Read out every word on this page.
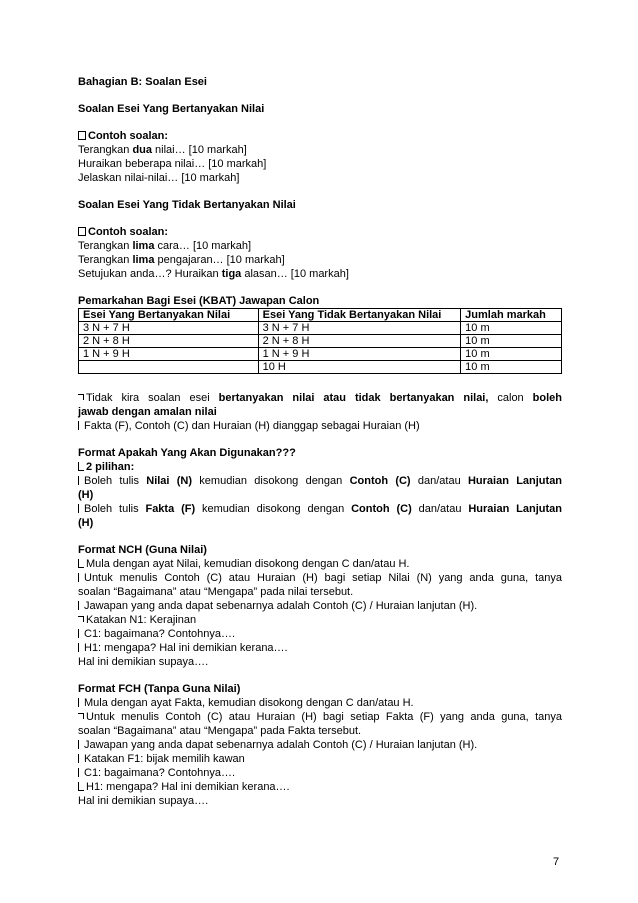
Bahagian B: Soalan Esei
Soalan Esei Yang Bertanyakan Nilai
Contoh soalan:
Terangkan dua nilai… [10 markah]
Huraikan beberapa nilai… [10 markah]
Jelaskan nilai-nilai… [10 markah]
Soalan Esei Yang Tidak Bertanyakan Nilai
Contoh soalan:
Terangkan lima cara… [10 markah]
Terangkan lima pengajaran… [10 markah]
Setujukan anda…? Huraikan tiga alasan… [10 markah]
Pemarkahan Bagi Esei (KBAT) Jawapan Calon
Esei Yang Bertanyakan Nilai	Esei Yang Tidak Bertanyakan Nilai	Jumlah markah
3 N + 7 H	3 N + 7 H	10 m
2 N + 8 H	2 N + 8 H	10 m
1 N + 9 H	1 N + 9 H	10 m
	10 H	10 m
Tidak kira soalan esei bertanyakan nilai atau tidak bertanyakan nilai, calon boleh
jawab dengan amalan nilai
Fakta (F), Contoh (C) dan Huraian (H) dianggap sebagai Huraian (H)
Format Apakah Yang Akan Digunakan???
2 pilihan:
Boleh tulis Nilai (N) kemudian disokong dengan Contoh (C) dan/atau Huraian Lanjutan
(H)
Boleh tulis Fakta (F) kemudian disokong dengan Contoh (C) dan/atau Huraian Lanjutan
(H)
Format NCH (Guna Nilai)
Mula dengan ayat Nilai, kemudian disokong dengan C dan/atau H.
Untuk menulis Contoh (C) atau Huraian (H) bagi setiap Nilai (N) yang anda guna, tanya
soalan “Bagaimana” atau “Mengapa” pada nilai tersebut.
Jawapan yang anda dapat sebenarnya adalah Contoh (C) / Huraian lanjutan (H).
Katakan N1: Kerajinan
C1: bagaimana? Contohnya….
H1: mengapa? Hal ini demikian kerana….
Hal ini demikian supaya….
Format FCH (Tanpa Guna Nilai)
Mula dengan ayat Fakta, kemudian disokong dengan C dan/atau H.
Untuk menulis Contoh (C) atau Huraian (H) bagi setiap Fakta (F) yang anda guna, tanya
soalan “Bagaimana” atau “Mengapa” pada Fakta tersebut.
Jawapan yang anda dapat sebenarnya adalah Contoh (C) / Huraian lanjutan (H).
Katakan F1: bijak memilih kawan
C1: bagaimana? Contohnya….
H1: mengapa? Hal ini demikian kerana….
Hal ini demikian supaya….
7
